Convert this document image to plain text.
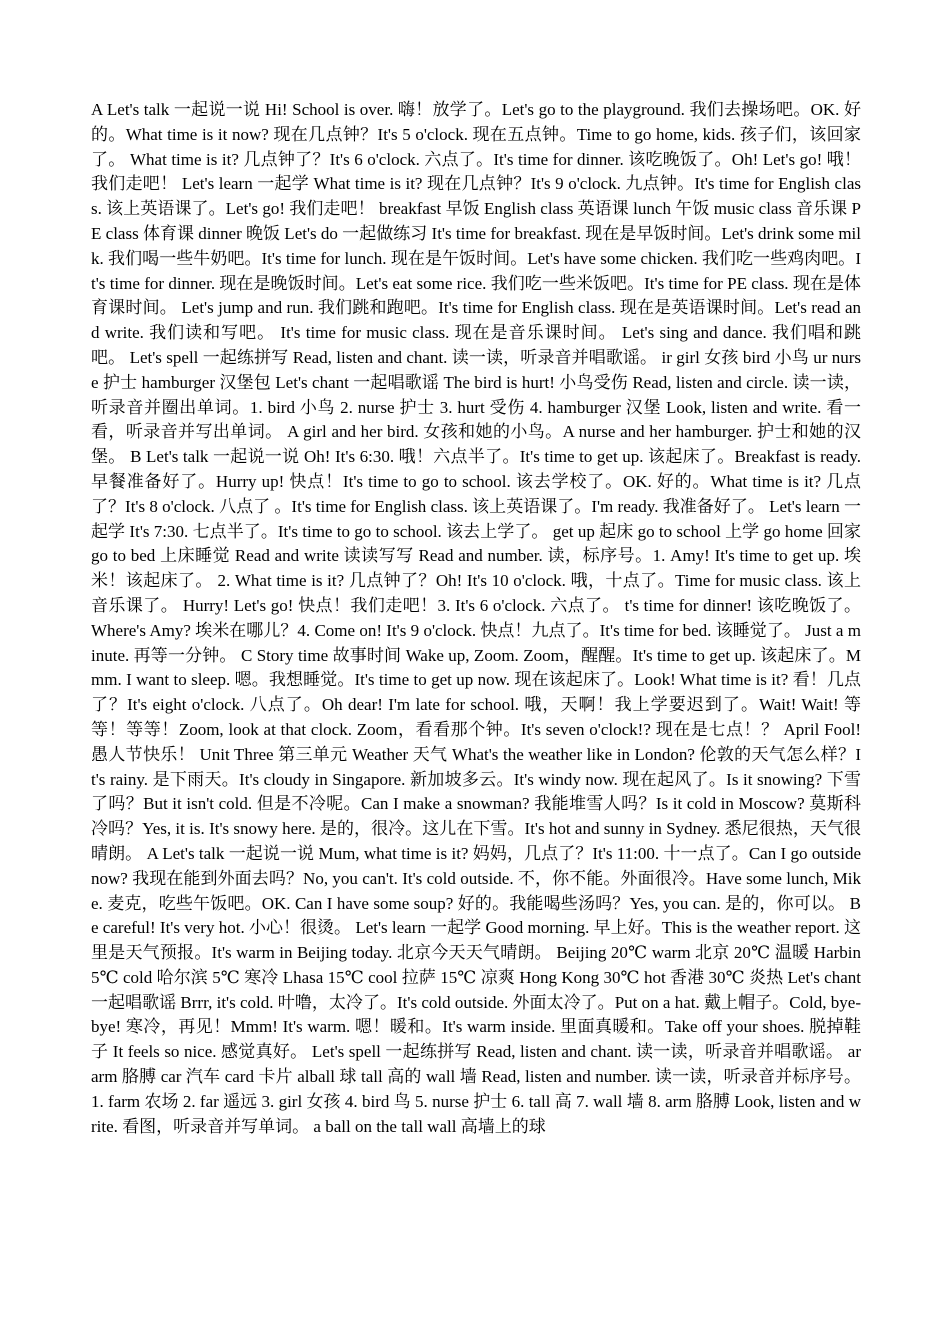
A Let's talk 一起说一说 Hi! School is over. 嗨！放学了。Let's go to the playground. 我们去操场吧。OK. 好的。What time is it now? 现在几点钟？It's 5 o'clock. 现在五点钟。Time to go home, kids. 孩子们，该回家了。 What time is it? 几点钟了？It's 6 o'clock. 六点了。It's time for dinner. 该吃晚饭了。Oh! Let's go! 哦！我们走吧！ Let's learn 一起学 What time is it? 现在几点钟？It's 9 o'clock. 九点钟。It's time for English class. 该上英语课了。Let's go! 我们走吧！ breakfast 早饭 English class 英语课 lunch 午饭 music class 音乐课 PE class 体育课 dinner 晚饭 Let's do 一起做练习 It's time for breakfast. 现在是早饭时间。Let's drink some milk. 我们喝一些牛奶吧。It's time for lunch. 现在是午饭时间。Let's have some chicken. 我们吃一些鸡肉吧。It's time for dinner. 现在是晚饭时间。Let's eat some rice. 我们吃一些米饭吧。It's time for PE class. 现在是体育课时间。 Let's jump and run. 我们跳和跑吧。It's time for English class. 现在是英语课时间。Let's read and write. 我们读和写吧。 It's time for music class. 现在是音乐课时间。 Let's sing and dance. 我们唱和跳吧。 Let's spell 一起练拼写 Read, listen and chant. 读一读，听录音并唱歌谣。 ir girl 女孩 bird 小鸟 ur nurse 护士 hamburger 汉堡包 Let's chant 一起唱歌谣 The bird is hurt! 小鸟受伤 Read, listen and circle. 读一读，听录音并圈出单词。1. bird 小鸟 2. nurse 护士 3. hurt 受伤 4. hamburger 汉堡 Look, listen and write. 看一看，听录音并写出单词。 A girl and her bird. 女孩和她的小鸟。A nurse and her hamburger. 护士和她的汉堡。 B Let's talk 一起说一说 Oh! It's 6:30. 哦！六点半了。It's time to get up. 该起床了。Breakfast is ready. 早餐准备好了。Hurry up! 快点！It's time to go to school. 该去学校了。OK. 好的。What time is it? 几点了？It's 8 o'clock. 八点了 。It's time for English class. 该上英语课了。I'm ready. 我准备好了。 Let's learn 一起学 It's 7:30. 七点半了。It's time to go to school. 该去上学了。 get up 起床 go to school 上学 go home 回家 go to bed 上床睡觉 Read and write 读读写写 Read and number. 读，标序号。1. Amy! It's time to get up. 埃米！该起床了。 2. What time is it? 几点钟了？Oh! It's 10 o'clock. 哦，十点了。Time for music class. 该上音乐课了。 Hurry! Let's go! 快点！我们走吧！3. It's 6 o'clock. 六点了。 t's time for dinner! 该吃晚饭了。 Where's Amy? 埃米在哪儿？4. Come on! It's 9 o'clock. 快点！九点了。It's time for bed. 该睡觉了。 Just a minute. 再等一分钟。 C Story time 故事时间 Wake up, Zoom. Zoom，醒醒。It's time to get up. 该起床了。Mmm. I want to sleep. 嗯。我想睡觉。It's time to get up now. 现在该起床了。Look! What time is it? 看！几点了？It's eight o'clock. 八点了。Oh dear! I'm late for school. 哦，天啊！我上学要迟到了。Wait! Wait! 等等！等等！Zoom, look at that clock. Zoom，看看那个钟。It's seven o'clock!? 现在是七点！？ April Fool! 愚人节快乐！ Unit Three 第三单元 Weather 天气 What's the weather like in London? 伦敦的天气怎么样？It's rainy. 是下雨天。It's cloudy in Singapore. 新加坡多云。It's windy now. 现在起风了。Is it snowing? 下雪了吗？But it isn't cold. 但是不冷呢。Can I make a snowman? 我能堆雪人吗？Is it cold in Moscow? 莫斯科冷吗？Yes, it is. It's snowy here. 是的，很冷。这儿在下雪。It's hot and sunny in Sydney. 悉尼很热，天气很晴朗。 A Let's talk 一起说一说 Mum, what time is it? 妈妈，几点了？It's 11:00. 十一点了。Can I go outside now? 我现在能到外面去吗？No, you can't. It's cold outside. 不，你不能。外面很冷。Have some lunch, Mike. 麦克，吃些午饭吧。OK. Can I have some soup? 好的。我能喝些汤吗？Yes, you can. 是的，你可以。 Be careful! It's very hot. 小心！很烫。 Let's learn 一起学 Good morning. 早上好。This is the weather report. 这里是天气预报。It's warm in Beijing today. 北京今天天气晴朗。 Beijing 20℃ warm 北京 20℃ 温暖 Harbin 5℃ cold 哈尔滨 5℃ 寒冷 Lhasa 15℃ cool 拉萨 15℃ 凉爽 Hong Kong 30℃ hot 香港 30℃ 炎热 Let's chant 一起唱歌谣 Brrr, it's cold. 叶噜，太冷了。It's cold outside. 外面太冷了。Put on a hat. 戴上帽子。Cold, bye-bye! 寒冷，再见！Mmm! It's warm. 嗯！暖和。It's warm inside. 里面真暖和。Take off your shoes. 脱掉鞋子 It feels so nice. 感觉真好。 Let's spell 一起练拼写 Read, listen and chant. 读一读，听录音并唱歌谣。 ar arm 胳膊 car 汽车 card 卡片 alball 球 tall 高的 wall 墙 Read, listen and number. 读一读，听录音并标序号。1. farm 农场 2. far 遥远 3. girl 女孩 4. bird 鸟 5. nurse 护士 6. tall 高 7. wall 墙 8. arm 胳膊 Look, listen and write. 看图，听录音并写单词。 a ball on the tall wall 高墙上的球
